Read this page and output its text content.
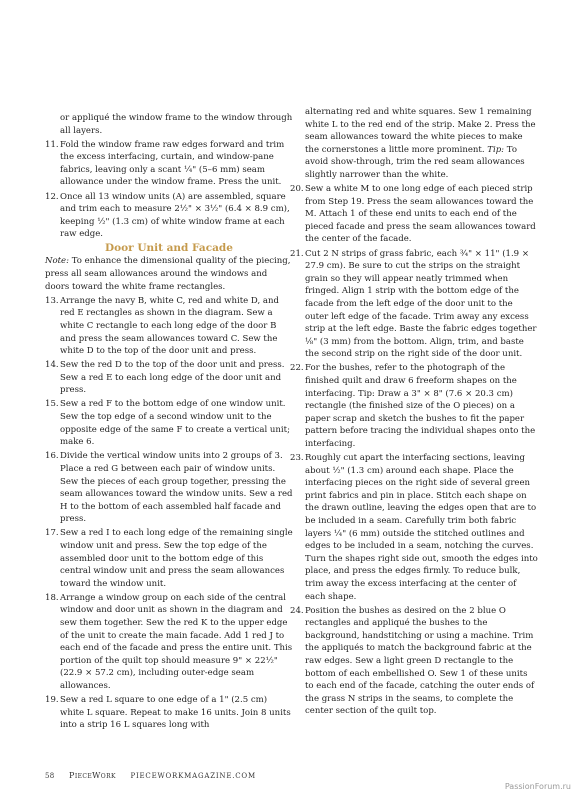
or appliqué the window frame to the window through all layers.
11. Fold the window frame raw edges forward and trim the excess interfacing, curtain, and window-pane fabrics, leaving only a scant ¼" (5–6 mm) seam allowance under the window frame. Press the unit.
12. Once all 13 window units (A) are assembled, square and trim each to measure 2½" × 3½" (6.4 × 8.9 cm), keeping ½" (1.3 cm) of white window frame at each raw edge.
Door Unit and Facade
Note: To enhance the dimensional quality of the piecing, press all seam allowances around the windows and doors toward the white frame rectangles.
13. Arrange the navy B, white C, red and white D, and red E rectangles as shown in the diagram. Sew a white C rectangle to each long edge of the door B and press the seam allowances toward C. Sew the white D to the top of the door unit and press.
14. Sew the red D to the top of the door unit and press. Sew a red E to each long edge of the door unit and press.
15. Sew a red F to the bottom edge of one window unit. Sew the top edge of a second window unit to the opposite edge of the same F to create a vertical unit; make 6.
16. Divide the vertical window units into 2 groups of 3. Place a red G between each pair of window units. Sew the pieces of each group together, pressing the seam allowances toward the window units. Sew a red H to the bottom of each assembled half facade and press.
17. Sew a red I to each long edge of the remaining single window unit and press. Sew the top edge of the assembled door unit to the bottom edge of this central window unit and press the seam allowances toward the window unit.
18. Arrange a window group on each side of the central window and door unit as shown in the diagram and sew them together. Sew the red K to the upper edge of the unit to create the main facade. Add 1 red J to each end of the facade and press the entire unit. This portion of the quilt top should measure 9" × 22½" (22.9 × 57.2 cm), including outer-edge seam allowances.
19. Sew a red L square to one edge of a 1" (2.5 cm) white L square. Repeat to make 16 units. Join 8 units into a strip 16 L squares long with
alternating red and white squares. Sew 1 remaining white L to the red end of the strip. Make 2. Press the seam allowances toward the white pieces to make the cornerstones a little more prominent. Tip: To avoid show-through, trim the red seam allowances slightly narrower than the white.
20. Sew a white M to one long edge of each pieced strip from Step 19. Press the seam allowances toward the M. Attach 1 of these end units to each end of the pieced facade and press the seam allowances toward the center of the facade.
21. Cut 2 N strips of grass fabric, each ¾" × 11" (1.9 × 27.9 cm). Be sure to cut the strips on the straight grain so they will appear neatly trimmed when fringed. Align 1 strip with the bottom edge of the facade from the left edge of the door unit to the outer left edge of the facade. Trim away any excess strip at the left edge. Baste the fabric edges together ⅛" (3 mm) from the bottom. Align, trim, and baste the second strip on the right side of the door unit.
22. For the bushes, refer to the photograph of the finished quilt and draw 6 freeform shapes on the interfacing. Tip: Draw a 3" × 8" (7.6 × 20.3 cm) rectangle (the finished size of the O pieces) on a paper scrap and sketch the bushes to fit the paper pattern before tracing the individual shapes onto the interfacing.
23. Roughly cut apart the interfacing sections, leaving about ½" (1.3 cm) around each shape. Place the interfacing pieces on the right side of several green print fabrics and pin in place. Stitch each shape on the drawn outline, leaving the edges open that are to be included in a seam. Carefully trim both fabric layers ¼" (6 mm) outside the stitched outlines and edges to be included in a seam, notching the curves. Turn the shapes right side out, smooth the edges into place, and press the edges firmly. To reduce bulk, trim away the excess interfacing at the center of each shape.
24. Position the bushes as desired on the 2 blue O rectangles and appliqué the bushes to the background, handstitching or using a machine. Trim the appliqués to match the background fabric at the raw edges. Sew a light green D rectangle to the bottom of each embellished O. Sew 1 of these units to each end of the facade, catching the outer ends of the grass N strips in the seams, to complete the center section of the quilt top.
58 PieceWork PIECEWORKMAGAZINE.COM
PassionForum.ru
